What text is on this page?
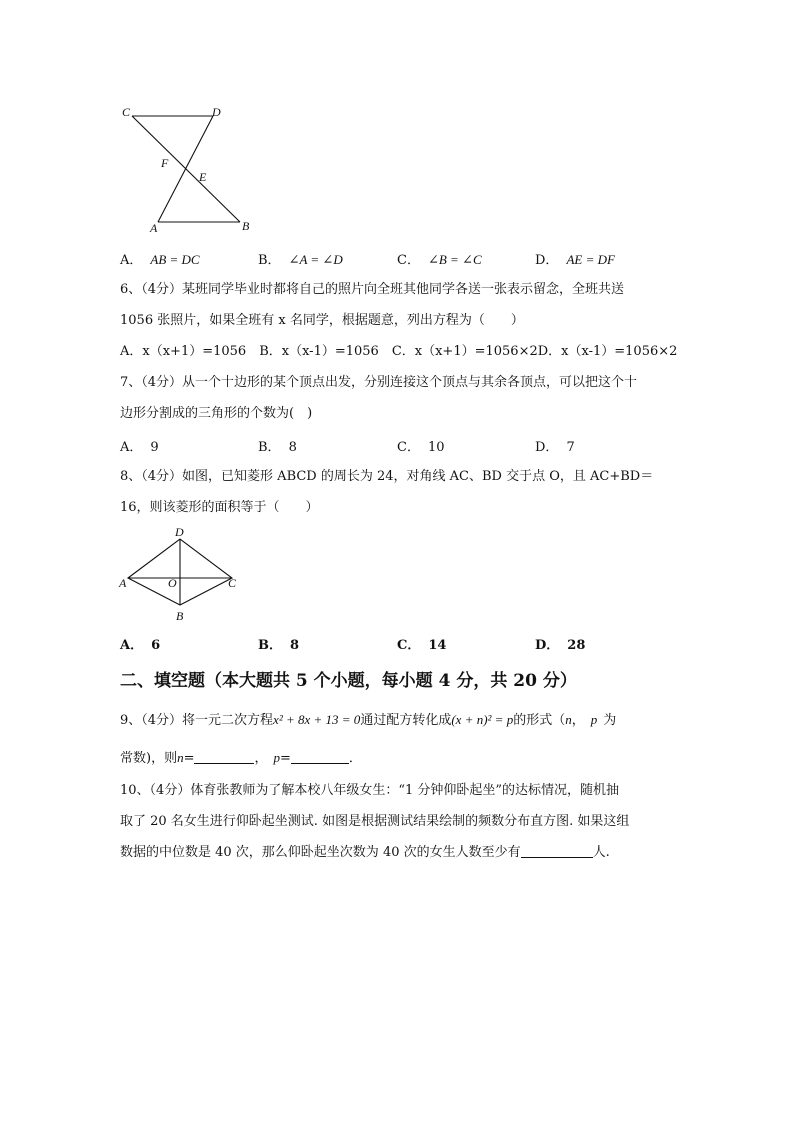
C	D
F
E
A	B
A． AB = DC	B． ∠A = ∠D	C． ∠B = ∠C	D． AE = DF
6、（4分）某班同学毕业时都将自己的照片向全班其他同学各送一张表示留念，全班共送
1056 张照片，如果全班有 x 名同学，根据题意，列出方程为（　　）
A．x（x+1）=1056　B．x（x-1）=1056　C．x（x+1）=1056×2D．x（x-1）=1056×2
7、（4分）从一个十边形的某个顶点出发，分别连接这个顶点与其余各顶点，可以把这个十
边形分割成的三角形的个数为(　)
A． 9	B． 8	C． 10	D． 7
8、（4分）如图，已知菱形 ABCD 的周长为 24，对角线 AC、BD 交于点 O，且 AC+BD＝
16，则该菱形的面积等于（　　）
D
A	O	C
B
A． 6	B． 8	C． 14	D． 28
二、填空题（本大题共 5 个小题，每小题 4 分，共 20 分）
9、（4分）将一元二次方程x² + 8x + 13 = 0通过配方转化成(x + n)² = p的形式（n， p 为
常数)，则n=	， p=	．
10、（4分）体育张教师为了解本校八年级女生：“1 分钟仰卧起坐”的达标情况，随机抽
取了 20 名女生进行仰卧起坐测试. 如图是根据测试结果绘制的频数分布直方图. 如果这组
数据的中位数是 40 次，那么仰卧起坐次数为 40 次的女生人数至少有	人.
